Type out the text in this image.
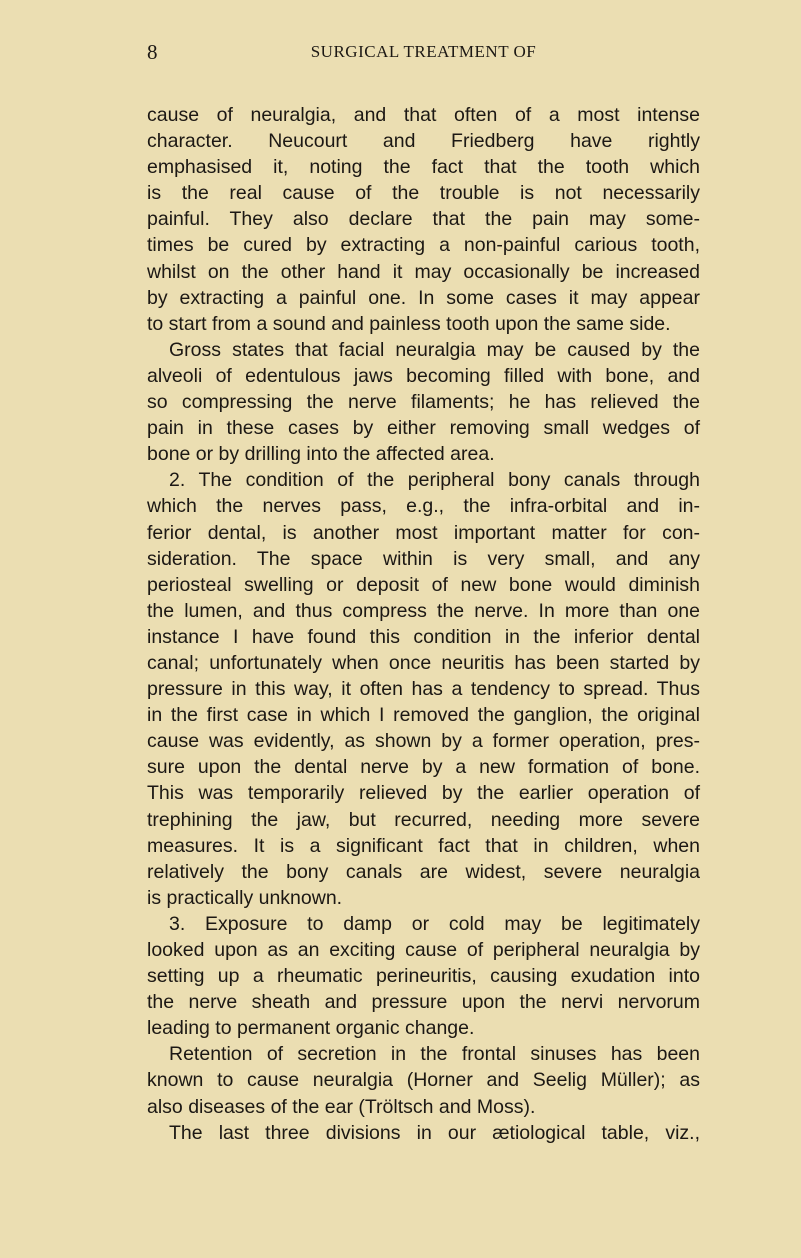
8	SURGICAL TREATMENT OF
cause of neuralgia, and that often of a most intense
character. Neucourt and Friedberg have rightly
emphasised it, noting the fact that the tooth which
is the real cause of the trouble is not necessarily
painful. They also declare that the pain may some-
times be cured by extracting a non-painful carious tooth,
whilst on the other hand it may occasionally be increased
by extracting a painful one. In some cases it may appear
to start from a sound and painless tooth upon the same side.
Gross states that facial neuralgia may be caused by the
alveoli of edentulous jaws becoming filled with bone, and
so compressing the nerve filaments; he has relieved the
pain in these cases by either removing small wedges of
bone or by drilling into the affected area.
2. The condition of the peripheral bony canals through
which the nerves pass, e.g., the infra-orbital and in-
ferior dental, is another most important matter for con-
sideration. The space within is very small, and any
periosteal swelling or deposit of new bone would diminish
the lumen, and thus compress the nerve. In more than one
instance I have found this condition in the inferior dental
canal; unfortunately when once neuritis has been started by
pressure in this way, it often has a tendency to spread. Thus
in the first case in which I removed the ganglion, the original
cause was evidently, as shown by a former operation, pres-
sure upon the dental nerve by a new formation of bone.
This was temporarily relieved by the earlier operation of
trephining the jaw, but recurred, needing more severe
measures. It is a significant fact that in children, when
relatively the bony canals are widest, severe neuralgia
is practically unknown.
3. Exposure to damp or cold may be legitimately
looked upon as an exciting cause of peripheral neuralgia by
setting up a rheumatic perineuritis, causing exudation into
the nerve sheath and pressure upon the nervi nervorum
leading to permanent organic change.
Retention of secretion in the frontal sinuses has been
known to cause neuralgia (Horner and Seelig Müller); as
also diseases of the ear (Tröltsch and Moss).
The last three divisions in our ætiological table, viz.,
